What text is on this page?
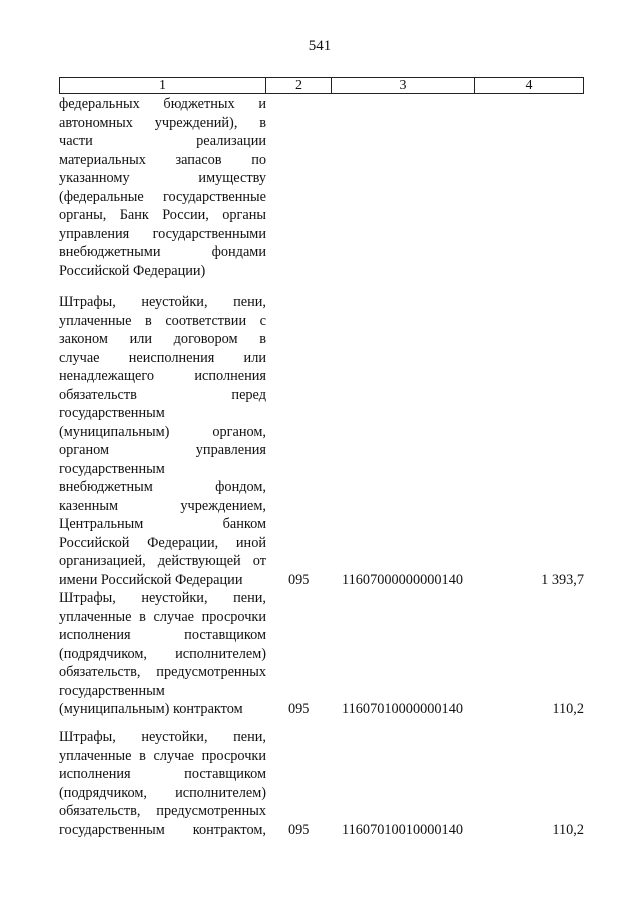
541
1	2	3	4
федеральных бюджетных и
автономных учреждений), в
части реализации
материальных запасов по
указанному имуществу
(федеральные государственные
органы, Банк России, органы
управления государственными
внебюджетными фондами
Российской Федерации)
Штрафы, неустойки, пени,
уплаченные в соответствии с
законом или договором в
случае неисполнения или
ненадлежащего исполнения
обязательств перед
государственным
(муниципальным) органом,
органом управления
государственным
внебюджетным фондом,
казенным учреждением,
Центральным банком
Российской Федерации, иной
организацией, действующей от
имени Российской Федерации	095 11607000000000140	1 393,7
Штрафы, неустойки, пени,
уплаченные в случае просрочки
исполнения поставщиком
(подрядчиком, исполнителем)
обязательств, предусмотренных
государственным
(муниципальным) контрактом	095 11607010000000140	110,2
Штрафы, неустойки, пени,
уплаченные в случае просрочки
исполнения поставщиком
(подрядчиком, исполнителем)
обязательств, предусмотренных
государственным контрактом, 095 11607010010000140	110,2
